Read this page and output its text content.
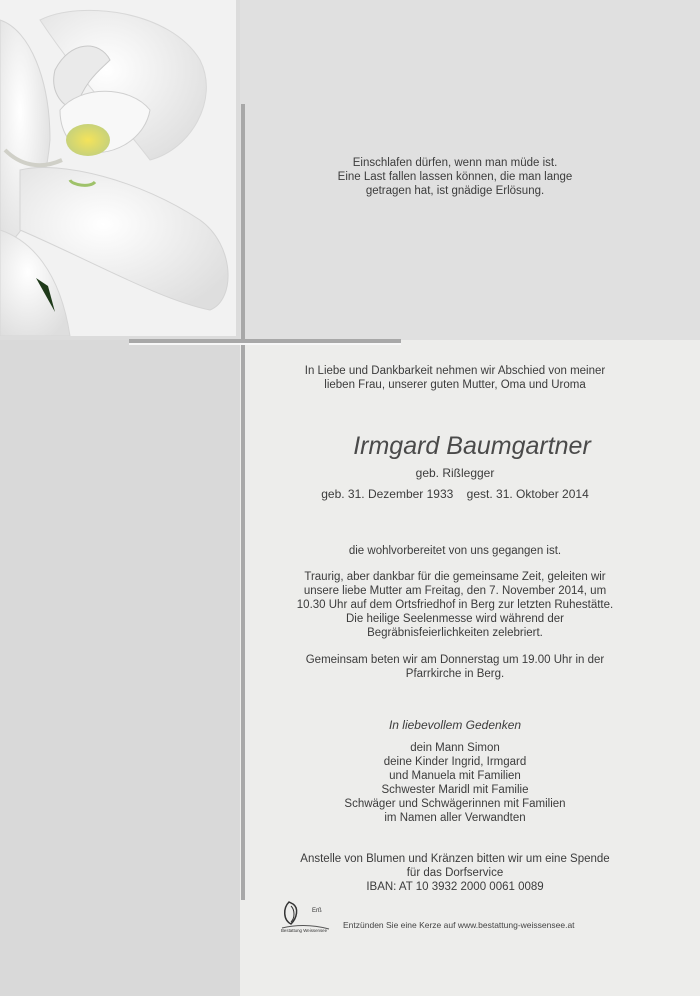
Einschlafen dürfen, wenn man müde ist.
Eine Last fallen lassen können, die man lange
getragen hat, ist gnädige Erlösung.
In Liebe und Dankbarkeit nehmen wir Abschied von meiner
lieben Frau, unserer guten Mutter, Oma und Uroma
Irmgard Baumgartner
geb. Rißlegger
geb. 31. Dezember 1933 gest. 31. Oktober 2014
die wohlvorbereitet von uns gegangen ist.
Traurig, aber dankbar für die gemeinsame Zeit, geleiten wir
unsere liebe Mutter am Freitag, den 7. November 2014, um
10.30 Uhr auf dem Ortsfriedhof in Berg zur letzten Ruhestätte.
Die heilige Seelenmesse wird während der
Begräbnisfeierlichkeiten zelebriert.
Gemeinsam beten wir am Donnerstag um 19.00 Uhr in der
Pfarrkirche in Berg.
In liebevollem Gedenken
dein Mann Simon
deine Kinder Ingrid, Irmgard
und Manuela mit Familien
Schwester Maridl mit Familie
Schwäger und Schwägerinnen mit Familien
im Namen aller Verwandten
Anstelle von Blumen und Kränzen bitten wir um eine Spende
für das Dorfservice
IBAN: AT 10 3932 2000 0061 0089
Erß
Bestattung Weissensee
Entzünden Sie eine Kerze auf www.bestattung-weissensee.at
